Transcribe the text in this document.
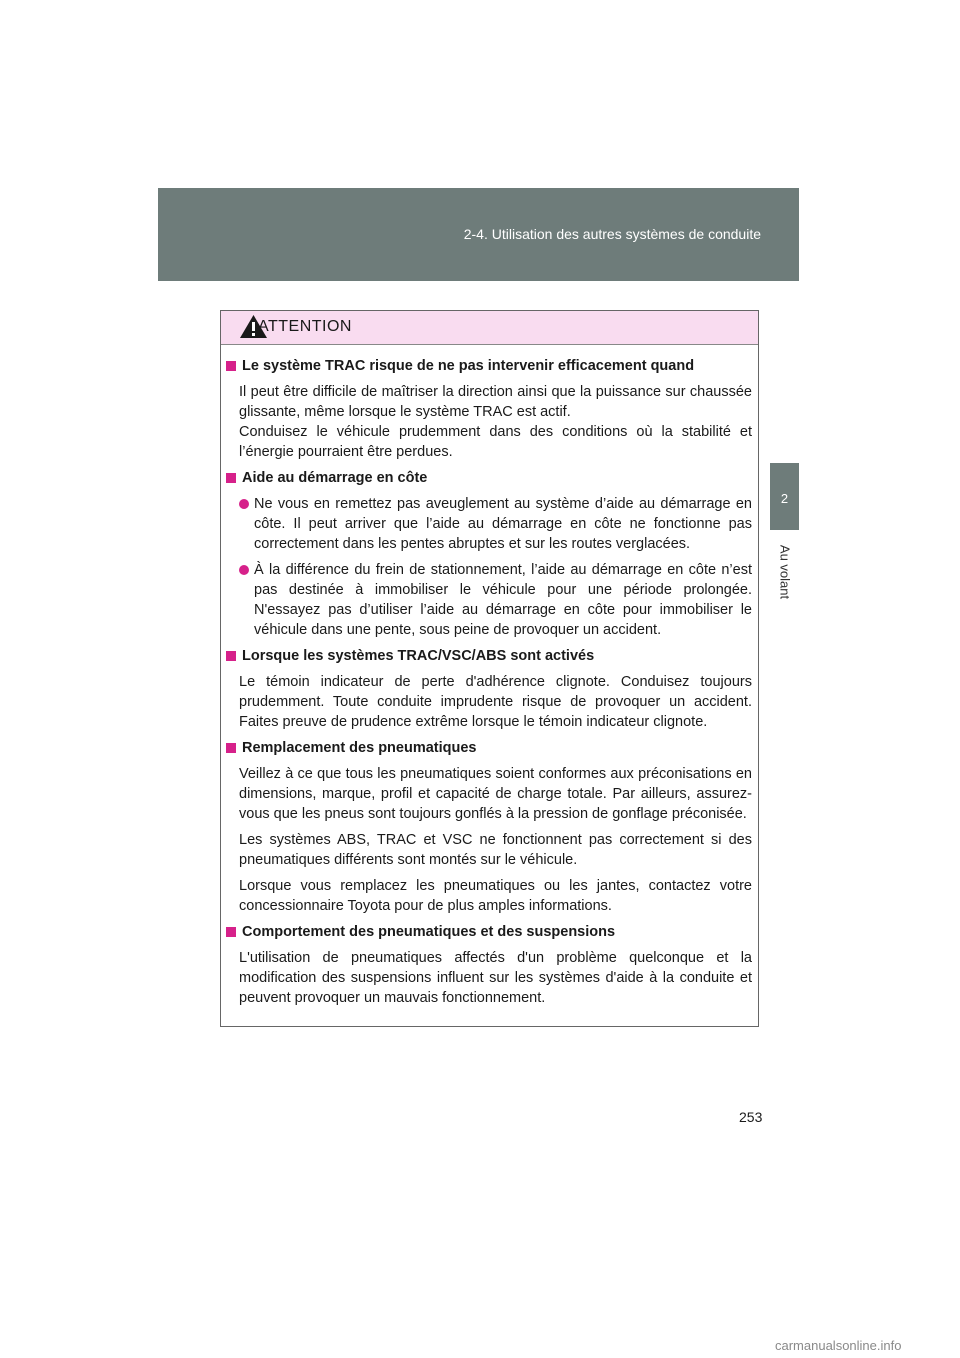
2-4. Utilisation des autres systèmes de conduite
2
Au volant
ATTENTION
Le système TRAC risque de ne pas intervenir efficacement quand
Il peut être difficile de maîtriser la direction ainsi que la puissance sur chaussée glissante, même lorsque le système TRAC est actif.
Conduisez le véhicule prudemment dans des conditions où la stabilité et l’énergie pourraient être perdues.
Aide au démarrage en côte
Ne vous en remettez pas aveuglement au système d’aide au démarrage en côte. Il peut arriver que l’aide au démarrage en côte ne fonctionne pas correctement dans les pentes abruptes et sur les routes verglacées.
À la différence du frein de stationnement, l’aide au démarrage en côte n’est pas destinée à immobiliser le véhicule pour une période prolongée. N'essayez pas d’utiliser l’aide au démarrage en côte pour immobiliser le véhicule dans une pente, sous peine de provoquer un accident.
Lorsque les systèmes TRAC/VSC/ABS sont activés
Le témoin indicateur de perte d'adhérence clignote. Conduisez toujours prudemment. Toute conduite imprudente risque de provoquer un accident. Faites preuve de prudence extrême lorsque le témoin indicateur clignote.
Remplacement des pneumatiques
Veillez à ce que tous les pneumatiques soient conformes aux préconisations en dimensions, marque, profil et capacité de charge totale. Par ailleurs, assurez-vous que les pneus sont toujours gonflés à la pression de gonflage préconisée.
Les systèmes ABS, TRAC et VSC ne fonctionnent pas correctement si des pneumatiques différents sont montés sur le véhicule.
Lorsque vous remplacez les pneumatiques ou les jantes, contactez votre concessionnaire Toyota pour de plus amples informations.
Comportement des pneumatiques et des suspensions
L'utilisation de pneumatiques affectés d'un problème quelconque et la modification des suspensions influent sur les systèmes d'aide à la conduite et peuvent provoquer un mauvais fonctionnement.
253
carmanualsonline.info
